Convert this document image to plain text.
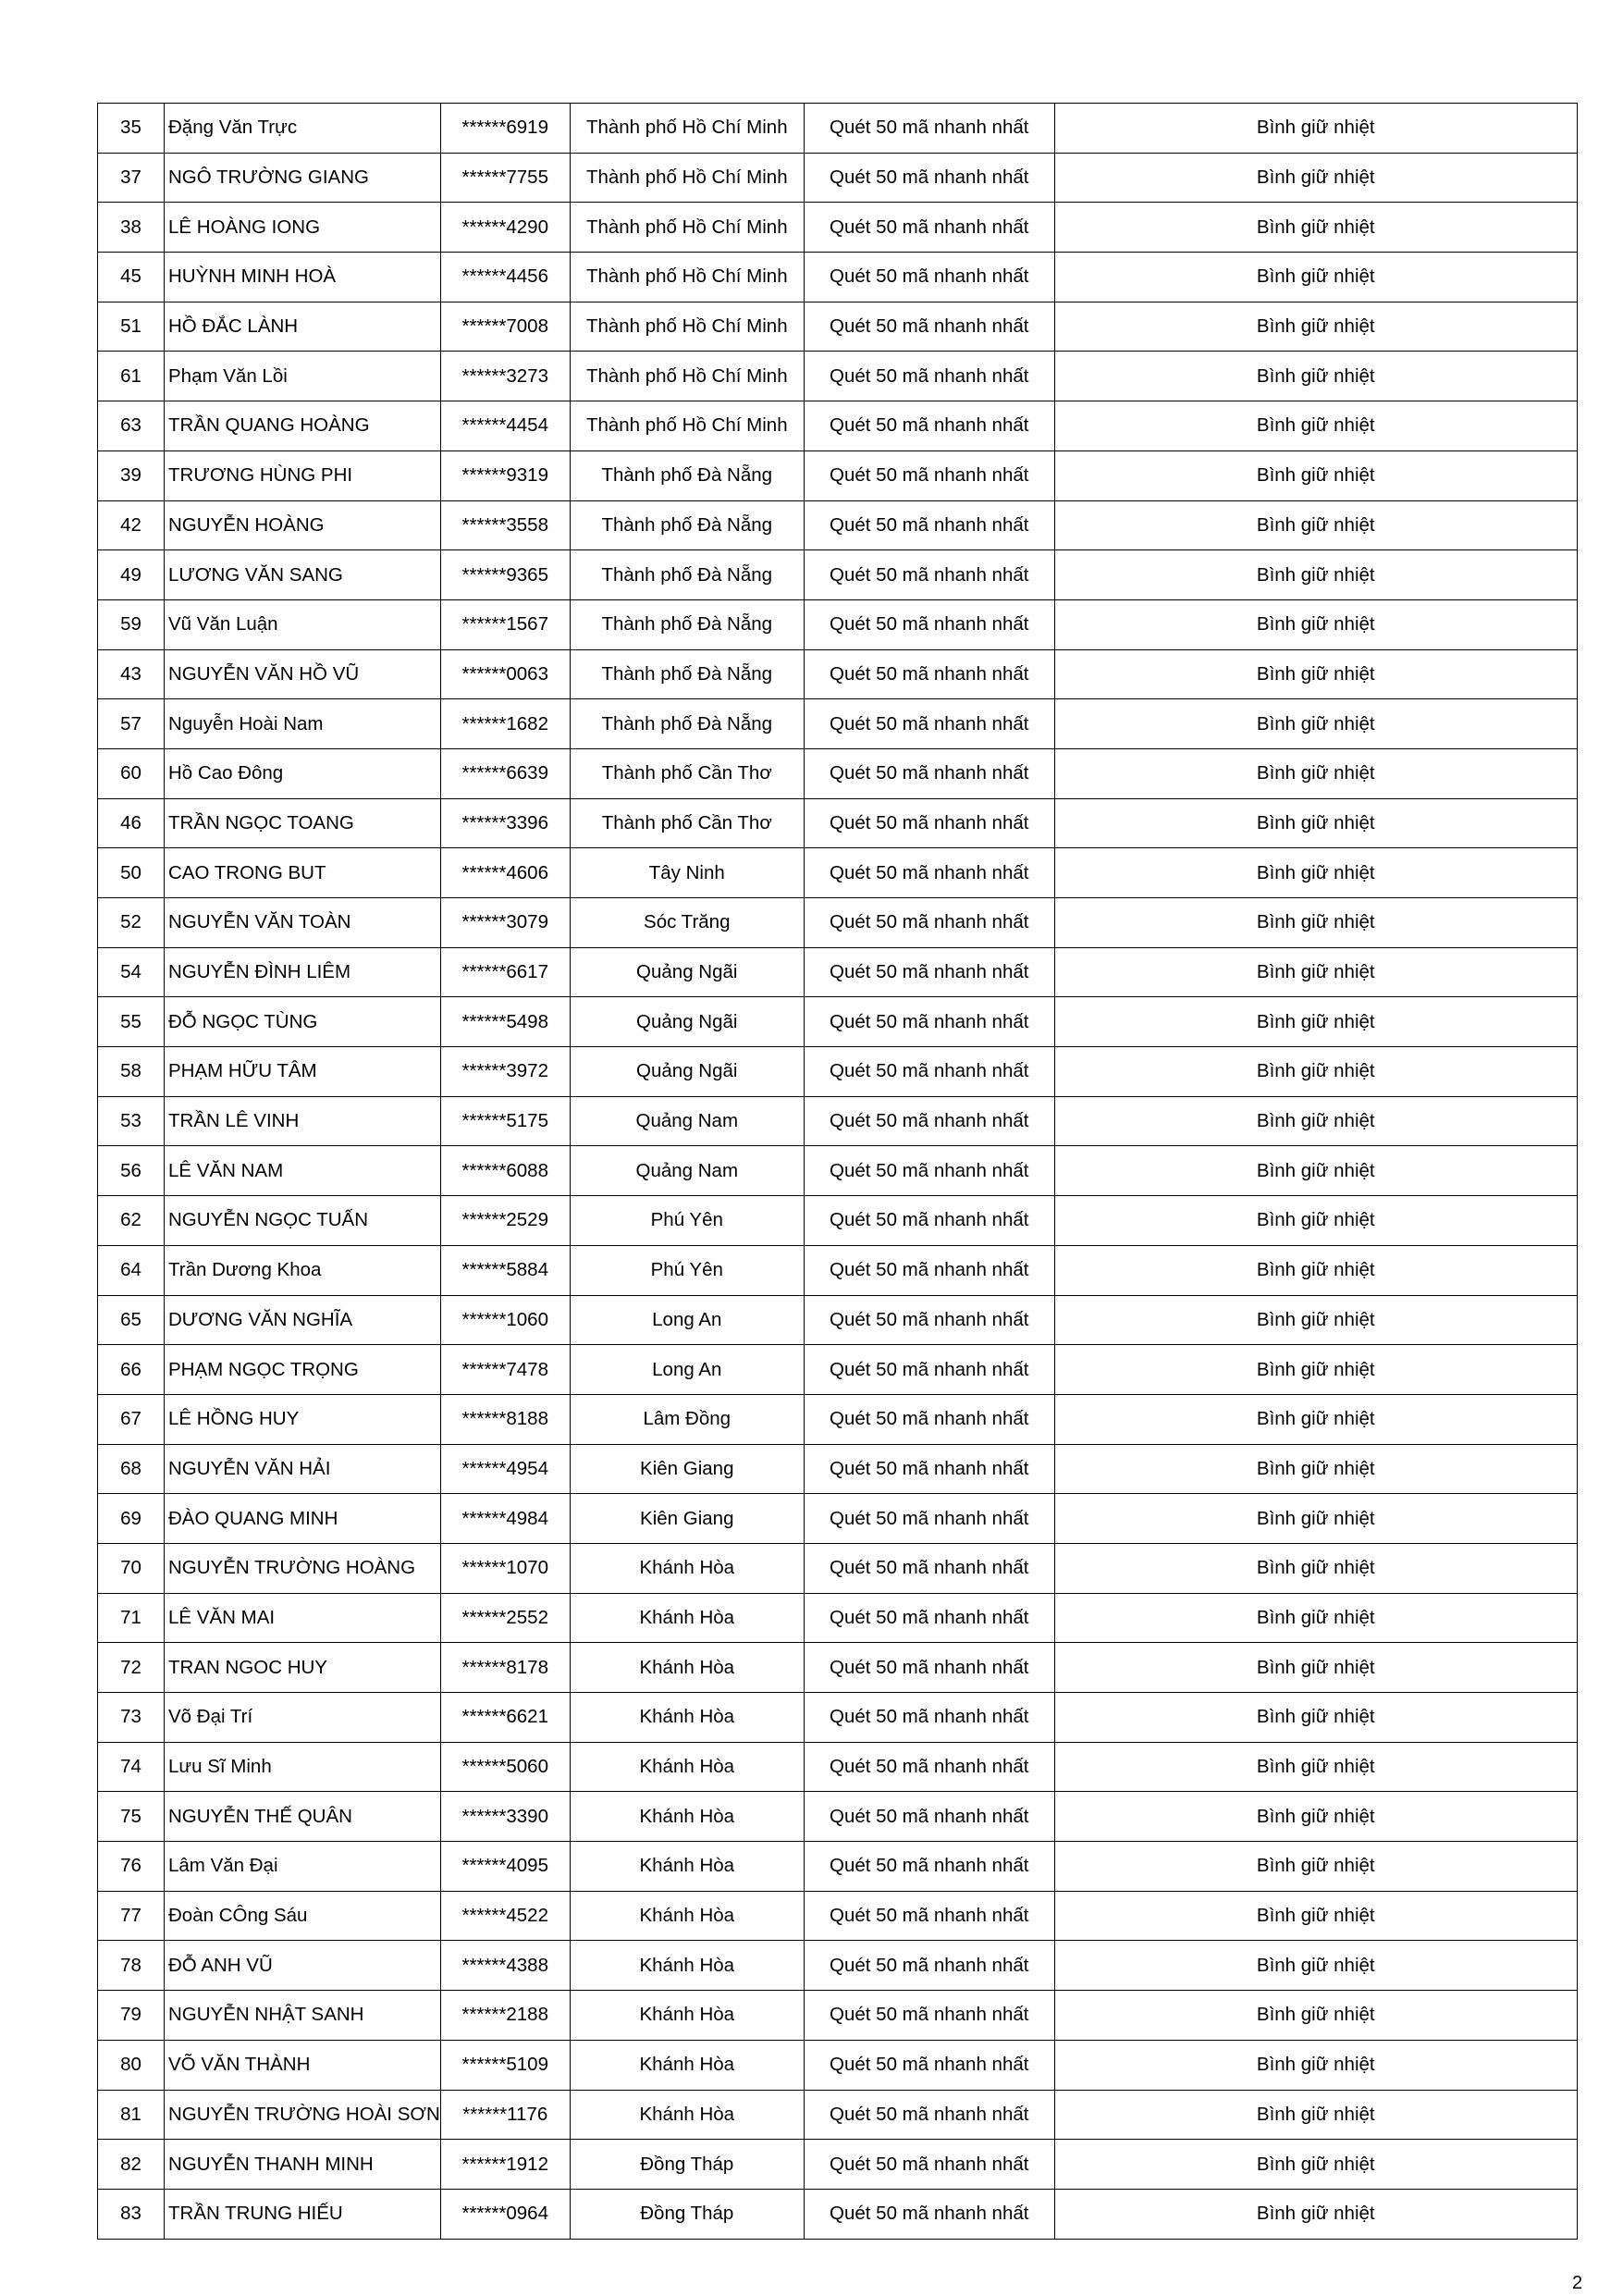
35	Đặng Văn Trực	******6919	Thành phố Hồ Chí Minh	Quét 50 mã nhanh nhất	Bình giữ nhiệt
37	NGÔ TRƯỜNG GIANG	******7755	Thành phố Hồ Chí Minh	Quét 50 mã nhanh nhất	Bình giữ nhiệt
38	LÊ HOÀNG IONG	******4290	Thành phố Hồ Chí Minh	Quét 50 mã nhanh nhất	Bình giữ nhiệt
45	HUỲNH MINH HOÀ	******4456	Thành phố Hồ Chí Minh	Quét 50 mã nhanh nhất	Bình giữ nhiệt
51	HỒ ĐẮC LÀNH	******7008	Thành phố Hồ Chí Minh	Quét 50 mã nhanh nhất	Bình giữ nhiệt
61	Phạm Văn Lồi	******3273	Thành phố Hồ Chí Minh	Quét 50 mã nhanh nhất	Bình giữ nhiệt
63	TRẦN QUANG HOÀNG	******4454	Thành phố Hồ Chí Minh	Quét 50 mã nhanh nhất	Bình giữ nhiệt
39	TRƯƠNG HÙNG PHI	******9319	Thành phố Đà Nẵng	Quét 50 mã nhanh nhất	Bình giữ nhiệt
42	NGUYỄN HOÀNG	******3558	Thành phố Đà Nẵng	Quét 50 mã nhanh nhất	Bình giữ nhiệt
49	LƯƠNG VĂN SANG	******9365	Thành phố Đà Nẵng	Quét 50 mã nhanh nhất	Bình giữ nhiệt
59	Vũ Văn Luận	******1567	Thành phố Đà Nẵng	Quét 50 mã nhanh nhất	Bình giữ nhiệt
43	NGUYỄN VĂN HỒ VŨ	******0063	Thành phố Đà Nẵng	Quét 50 mã nhanh nhất	Bình giữ nhiệt
57	Nguyễn Hoài Nam	******1682	Thành phố Đà Nẵng	Quét 50 mã nhanh nhất	Bình giữ nhiệt
60	Hồ Cao Đông	******6639	Thành phố Cần Thơ	Quét 50 mã nhanh nhất	Bình giữ nhiệt
46	TRẦN NGỌC TOANG	******3396	Thành phố Cần Thơ	Quét 50 mã nhanh nhất	Bình giữ nhiệt
50	CAO TRONG BUT	******4606	Tây Ninh	Quét 50 mã nhanh nhất	Bình giữ nhiệt
52	NGUYỄN VĂN TOÀN	******3079	Sóc Trăng	Quét 50 mã nhanh nhất	Bình giữ nhiệt
54	NGUYỄN ĐÌNH LIÊM	******6617	Quảng Ngãi	Quét 50 mã nhanh nhất	Bình giữ nhiệt
55	ĐỖ NGỌC TÙNG	******5498	Quảng Ngãi	Quét 50 mã nhanh nhất	Bình giữ nhiệt
58	PHẠM HỮU TÂM	******3972	Quảng Ngãi	Quét 50 mã nhanh nhất	Bình giữ nhiệt
53	TRẦN LÊ VINH	******5175	Quảng Nam	Quét 50 mã nhanh nhất	Bình giữ nhiệt
56	LÊ VĂN NAM	******6088	Quảng Nam	Quét 50 mã nhanh nhất	Bình giữ nhiệt
62	NGUYỄN NGỌC TUẤN	******2529	Phú Yên	Quét 50 mã nhanh nhất	Bình giữ nhiệt
64	Trần Dương Khoa	******5884	Phú Yên	Quét 50 mã nhanh nhất	Bình giữ nhiệt
65	DƯƠNG VĂN NGHĨA	******1060	Long An	Quét 50 mã nhanh nhất	Bình giữ nhiệt
66	PHẠM NGỌC TRỌNG	******7478	Long An	Quét 50 mã nhanh nhất	Bình giữ nhiệt
67	LÊ HỒNG HUY	******8188	Lâm Đồng	Quét 50 mã nhanh nhất	Bình giữ nhiệt
68	NGUYỄN VĂN HẢI	******4954	Kiên Giang	Quét 50 mã nhanh nhất	Bình giữ nhiệt
69	ĐÀO QUANG MINH	******4984	Kiên Giang	Quét 50 mã nhanh nhất	Bình giữ nhiệt
70	NGUYỄN TRƯỜNG HOÀNG	******1070	Khánh Hòa	Quét 50 mã nhanh nhất	Bình giữ nhiệt
71	LÊ VĂN MAI	******2552	Khánh Hòa	Quét 50 mã nhanh nhất	Bình giữ nhiệt
72	TRAN NGOC HUY	******8178	Khánh Hòa	Quét 50 mã nhanh nhất	Bình giữ nhiệt
73	Võ Đại Trí	******6621	Khánh Hòa	Quét 50 mã nhanh nhất	Bình giữ nhiệt
74	Lưu Sĩ Minh	******5060	Khánh Hòa	Quét 50 mã nhanh nhất	Bình giữ nhiệt
75	NGUYỄN THẾ QUÂN	******3390	Khánh Hòa	Quét 50 mã nhanh nhất	Bình giữ nhiệt
76	Lâm Văn Đại	******4095	Khánh Hòa	Quét 50 mã nhanh nhất	Bình giữ nhiệt
77	Đoàn CÔng Sáu	******4522	Khánh Hòa	Quét 50 mã nhanh nhất	Bình giữ nhiệt
78	ĐỖ ANH VŨ	******4388	Khánh Hòa	Quét 50 mã nhanh nhất	Bình giữ nhiệt
79	NGUYỄN NHẬT SANH	******2188	Khánh Hòa	Quét 50 mã nhanh nhất	Bình giữ nhiệt
80	VÕ VĂN THÀNH	******5109	Khánh Hòa	Quét 50 mã nhanh nhất	Bình giữ nhiệt
81	NGUYỄN TRƯỜNG HOÀI SƠN	******1176	Khánh Hòa	Quét 50 mã nhanh nhất	Bình giữ nhiệt
82	NGUYỄN THANH MINH	******1912	Đồng Tháp	Quét 50 mã nhanh nhất	Bình giữ nhiệt
83	TRẦN TRUNG HIẾU	******0964	Đồng Tháp	Quét 50 mã nhanh nhất	Bình giữ nhiệt
2
